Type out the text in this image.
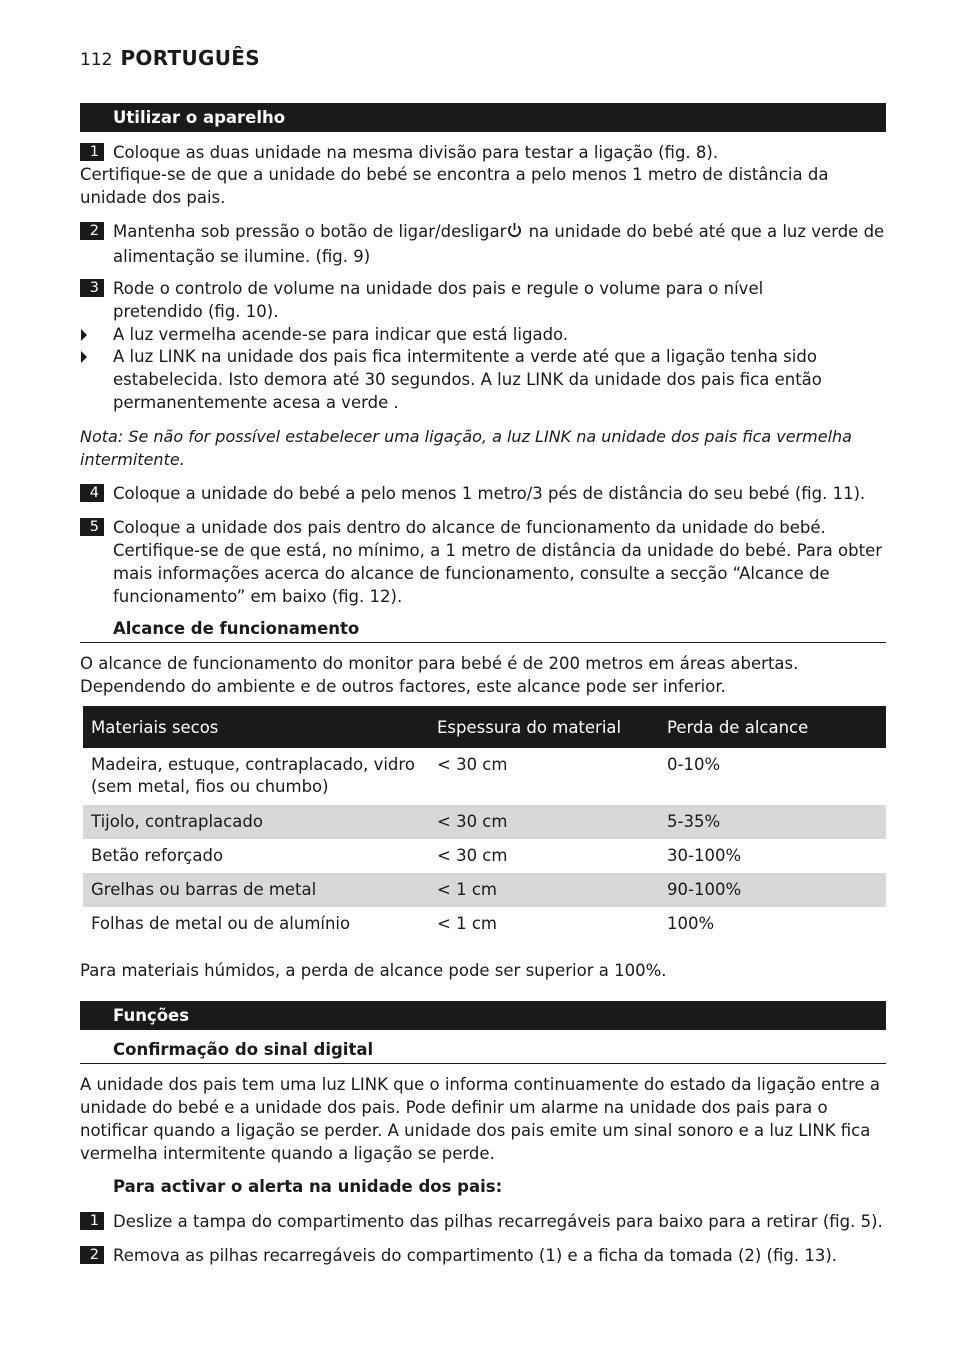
112 PORTUGUÊS
Utilizar o aparelho
1 Coloque as duas unidade na mesma divisão para testar a ligação (fig. 8).
Certifique-se de que a unidade do bebé se encontra a pelo menos 1 metro de distância da unidade dos pais.
2 Mantenha sob pressão o botão de ligar/desligar na unidade do bebé até que a luz verde de alimentação se ilumine. (fig. 9)
3 Rode o controlo de volume na unidade dos pais e regule o volume para o nível pretendido (fig. 10).
A luz vermelha acende-se para indicar que está ligado.
A luz LINK na unidade dos pais fica intermitente a verde até que a ligação tenha sido estabelecida. Isto demora até 30 segundos. A luz LINK da unidade dos pais fica então permanentemente acesa a verde .
Nota: Se não for possível estabelecer uma ligação, a luz LINK na unidade dos pais fica vermelha intermitente.
4 Coloque a unidade do bebé a pelo menos 1 metro/3 pés de distância do seu bebé (fig. 11).
5 Coloque a unidade dos pais dentro do alcance de funcionamento da unidade do bebé. Certifique-se de que está, no mínimo, a 1 metro de distância da unidade do bebé. Para obter mais informações acerca do alcance de funcionamento, consulte a secção “Alcance de funcionamento” em baixo (fig. 12).
Alcance de funcionamento
O alcance de funcionamento do monitor para bebé é de 200 metros em áreas abertas. Dependendo do ambiente e de outros factores, este alcance pode ser inferior.
Materiais secos	Espessura do material	Perda de alcance
Madeira, estuque, contraplacado, vidro (sem metal, fios ou chumbo)	< 30 cm	0-10%
Tijolo, contraplacado	< 30 cm	5-35%
Betão reforçado	< 30 cm	30-100%
Grelhas ou barras de metal	< 1 cm	90-100%
Folhas de metal ou de alumínio	< 1 cm	100%
Para materiais húmidos, a perda de alcance pode ser superior a 100%.
Funções
Confirmação do sinal digital
A unidade dos pais tem uma luz LINK que o informa continuamente do estado da ligação entre a unidade do bebé e a unidade dos pais. Pode definir um alarme na unidade dos pais para o notificar quando a ligação se perder. A unidade dos pais emite um sinal sonoro e a luz LINK fica vermelha intermitente quando a ligação se perde.
Para activar o alerta na unidade dos pais:
1 Deslize a tampa do compartimento das pilhas recarregáveis para baixo para a retirar (fig. 5).
2 Remova as pilhas recarregáveis do compartimento (1) e a ficha da tomada (2) (fig. 13).
